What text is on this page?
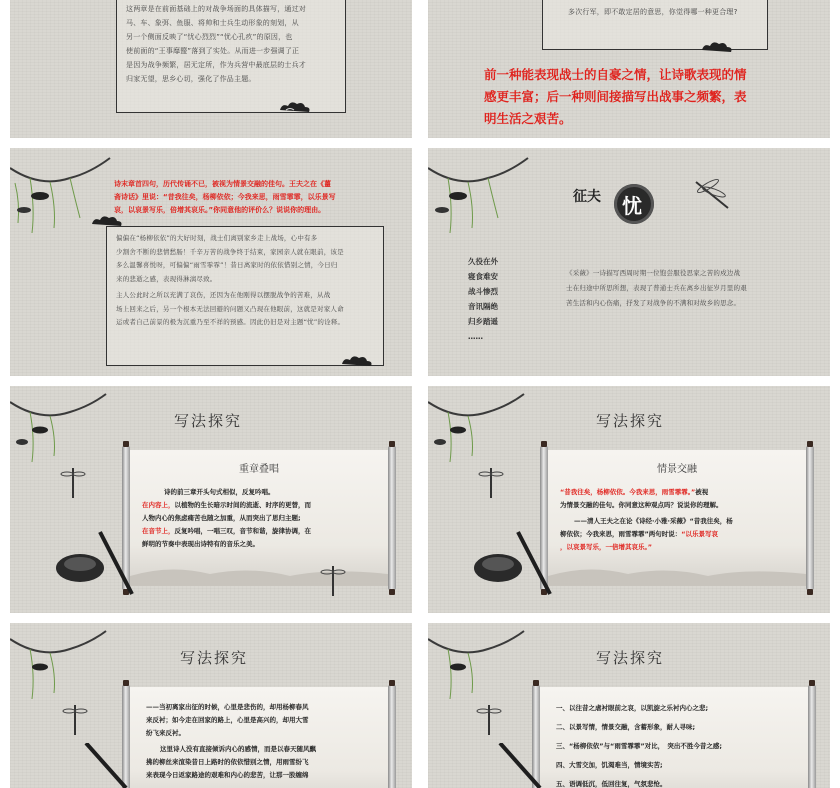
这两章是在前面基础上的对战争场面的具体描写，通过对
马、车、象弭、鱼服、将帅和士兵生动形象的刻划，从
另一个侧面反映了“忧心烈烈”“忧心孔疚”的原因，也
使前面的“王事靡盬”落到了实处。从而进一步强调了正
是因为战争频繁，居无定所，作为兵营中最底层的士兵才
归家无望，思乡心切，强化了作品主题。
多次行军，即不敢定居的意思，你觉得哪一种更合理?
前一种能表现战士的自豪之情，让诗歌表现的情
感更丰富；后一种则间接描写出战事之频繁，表
明生活之艰苦。
诗末章首四句，历代传诵不已，被视为情景交融的佳句。王夫之在《薑
斋诗话》里说：“昔我往矣，杨柳依依；今我来思，雨雪霏霏，以乐景写
哀，以哀景写乐，倍增其哀乐。”你同意他的评价么？说说你的理由。
偏偏在“杨柳依依”的大好时刻，战士们离别家乡走上战场，心中有多
少割舍不断的悲情愁肠！千辛万苦的战争终于结束，家园亲人就在眼前，该是
多么温馨喜悦呀，可偏偏“雨雪霏霏”！昔日离家时的依依惜别之情，今日归
来的悲逝之感，表现得淋漓尽致。
主人公此时之所以充满了哀伤，还因为在他刚得以摆脱战争的苦难，从战
场上回来之后，另一个根本无法回避的问题又凸现在他眼前，这就是对家人命
运或者自己前景的极为沉重乃至不祥的预感。因此仍旧是对主题“忧”的诠释。
征夫 忧
久役在外
寝食难安
战斗惨烈
音讯隔绝
归乡踏遥
……
《采薇》一诗描写西周时期一位饱尝服役思家之苦的戍边战
士在归途中所思所想，表现了普通士兵在离乡出征岁月里的艰
苦生活和内心伤痛，抒发了对战争的不满和对故乡的思念。
写法探究
重章叠唱
诗的前三章开头句式相似，反复吟唱。
在内容上，以植物的生长暗示时间的流逝、时序的更替，而
人物内心的焦虑痛苦也随之加重，从而突出了思归主题;
在音节上，反复吟唱，一唱三叹，音节和谐，旋律协调，在
鲜明的节奏中表现出诗特有的音乐之美。
写法探究
情景交融
“昔我往矣，杨柳依依。今我来思，雨雪霏霏。”被视
为情景交融的佳句。你同意这种观点吗？说说你的理解。
——清人王夫之在论《诗经·小雅·采薇》“昔我往矣，杨
柳依依；今我来思，雨雪霏霏”两句时说：“以乐景写哀
，以哀景写乐，一倍增其哀乐。”
写法探究
——当初离家出征的时候，心里是悲伤的，却用杨柳春风
来反衬；如今走在回家的路上，心里是高兴的，却用大雪
纷飞来反衬。
这里诗人没有直接倾诉内心的感情，而是以春天随风飘
拂的柳丝来渲染昔日上路时的依依惜别之情，用雨雪纷飞
来表现今日返家路途的艰难和内心的悲苦，让那一股缠绵
写法探究
一、以往昔之虐衬眼前之哀，以凯旋之乐衬内心之悲;
二、以景写情，情景交融，含蓄形象，耐人寻味;
三、“杨柳依依”与“雨雪霏霏”对比，　突出不胜今昔之感;
四、大雪交加，饥渴难当，情境实苦;
五、语调低沉，低回往复，气氛悲怆。
